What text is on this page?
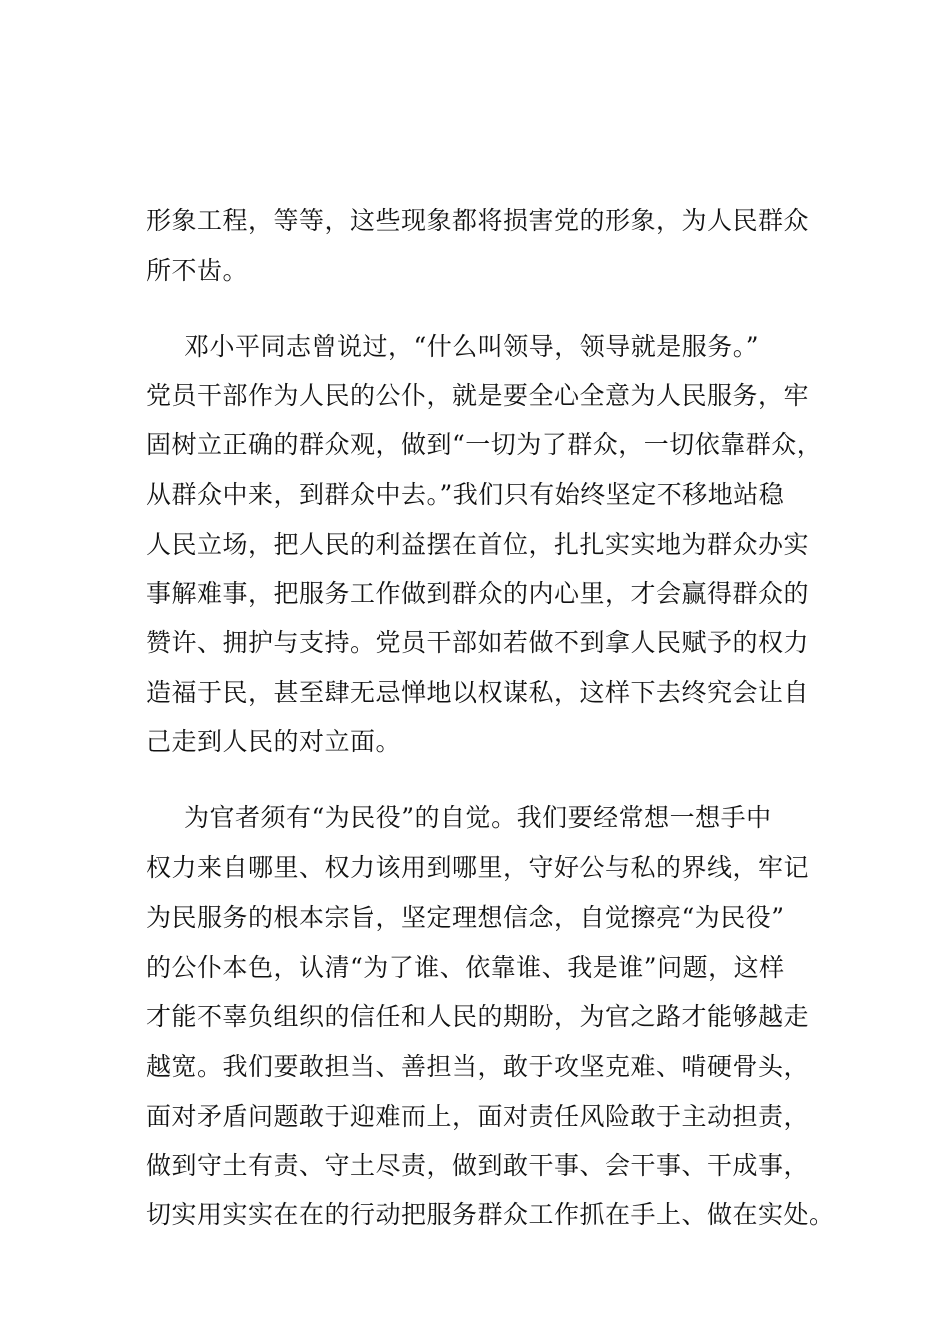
形象工程，等等，这些现象都将损害党的形象，为人民群众
所不齿。
邓小平同志曾说过，“什么叫领导，领导就是服务。”
党员干部作为人民的公仆，就是要全心全意为人民服务，牢
固树立正确的群众观，做到“一切为了群众，一切依靠群众，
从群众中来，到群众中去。”我们只有始终坚定不移地站稳
人民立场，把人民的利益摆在首位，扎扎实实地为群众办实
事解难事，把服务工作做到群众的内心里，才会赢得群众的
赞许、拥护与支持。党员干部如若做不到拿人民赋予的权力
造福于民，甚至肆无忌惮地以权谋私，这样下去终究会让自
己走到人民的对立面。
为官者须有“为民役”的自觉。我们要经常想一想手中
权力来自哪里、权力该用到哪里，守好公与私的界线，牢记
为民服务的根本宗旨，坚定理想信念，自觉擦亮“为民役”
的公仆本色，认清“为了谁、依靠谁、我是谁”问题，这样
才能不辜负组织的信任和人民的期盼，为官之路才能够越走
越宽。我们要敢担当、善担当，敢于攻坚克难、啃硬骨头，
面对矛盾问题敢于迎难而上，面对责任风险敢于主动担责，
做到守土有责、守土尽责，做到敢干事、会干事、干成事，
切实用实实在在的行动把服务群众工作抓在手上、做在实处。
